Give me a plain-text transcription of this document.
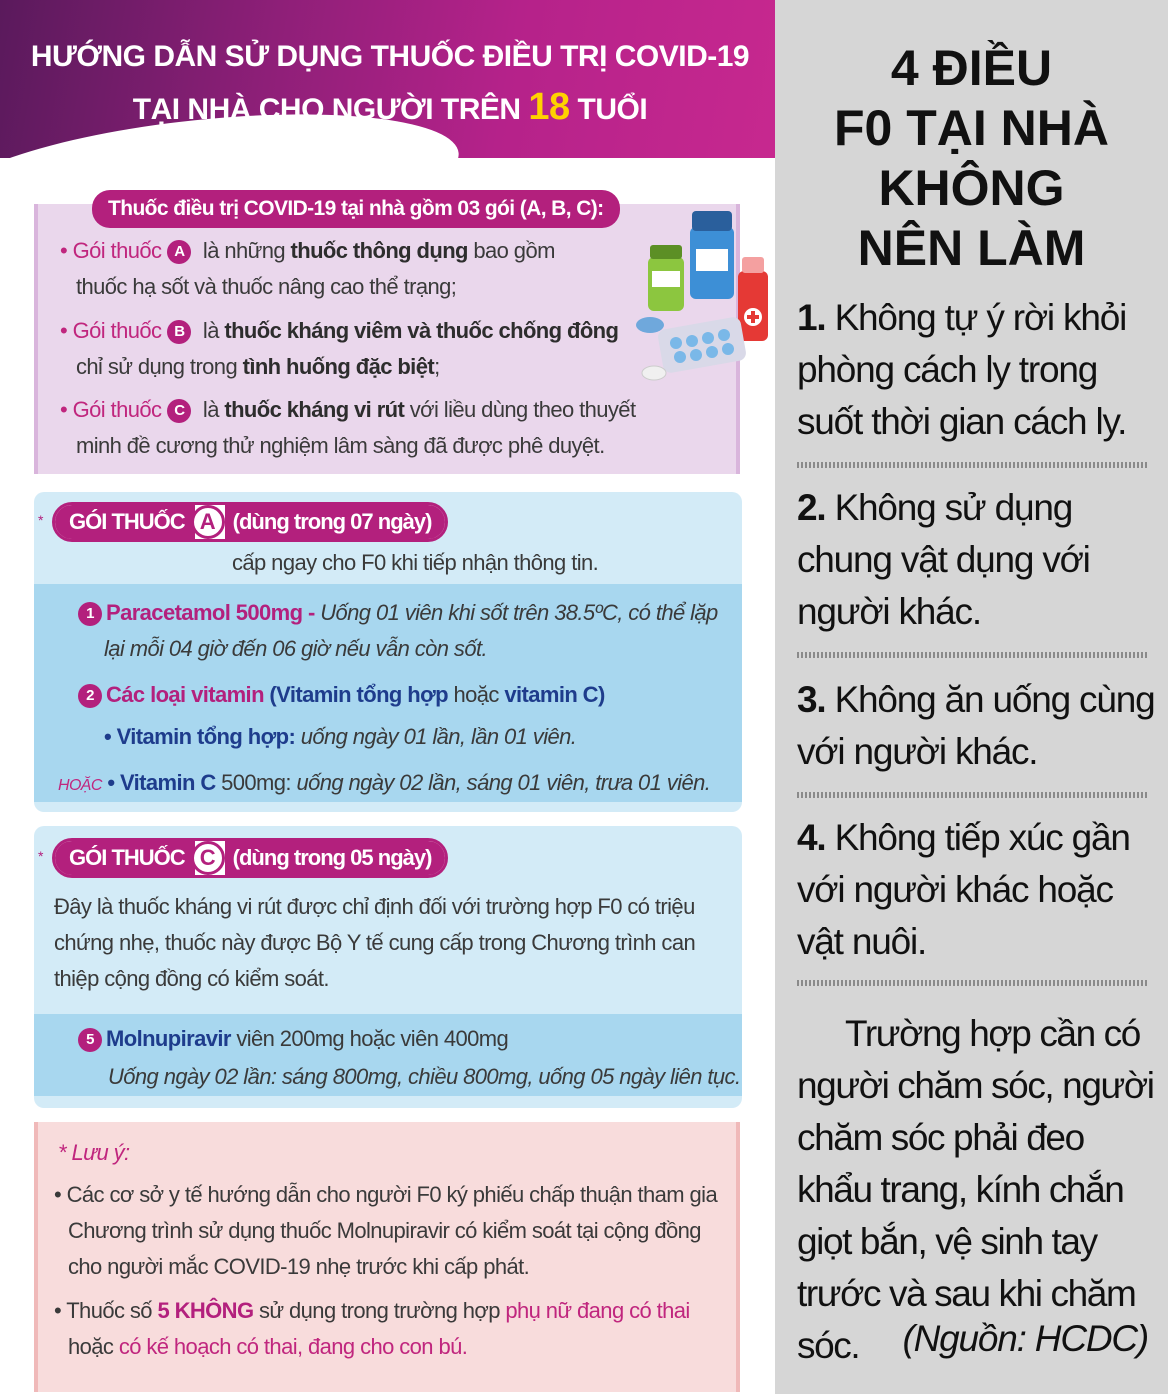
HƯỚNG DẪN SỬ DỤNG THUỐC ĐIỀU TRỊ COVID-19
TẠI NHÀ CHO NGƯỜI TRÊN 18 TUỔI
Thuốc điều trị COVID-19 tại nhà gồm 03 gói (A, B, C):
• Gói thuốc A là những thuốc thông dụng bao gồm
thuốc hạ sốt và thuốc nâng cao thể trạng;
• Gói thuốc B là thuốc kháng viêm và thuốc chống đông
chỉ sử dụng trong tình huống đặc biệt;
• Gói thuốc C là thuốc kháng vi rút với liều dùng theo thuyết
minh đề cương thử nghiệm lâm sàng đã được phê duyệt.
*	GÓI THUỐC A (dùng trong 07 ngày)
cấp ngay cho F0 khi tiếp nhận thông tin.
1 Paracetamol 500mg - Uống 01 viên khi sốt trên 38.5ºC, có thể lặp
lại mỗi 04 giờ đến 06 giờ nếu vẫn còn sốt.
2 Các loại vitamin (Vitamin tổng hợp hoặc vitamin C)
• Vitamin tổng hợp: uống ngày 01 lần, lần 01 viên.
HOẶC • Vitamin C 500mg: uống ngày 02 lần, sáng 01 viên, trưa 01 viên.
*	GÓI THUỐC C (dùng trong 05 ngày)
Đây là thuốc kháng vi rút được chỉ định đối với trường hợp F0 có triệu
chứng nhẹ, thuốc này được Bộ Y tế cung cấp trong Chương trình can
thiệp cộng đồng có kiểm soát.
5 Molnupiravir viên 200mg hoặc viên 400mg
Uống ngày 02 lần: sáng 800mg, chiều 800mg, uống 05 ngày liên tục.
* Lưu ý:
• Các cơ sở y tế hướng dẫn cho người F0 ký phiếu chấp thuận tham gia
Chương trình sử dụng thuốc Molnupiravir có kiểm soát tại cộng đồng
cho người mắc COVID-19 nhẹ trước khi cấp phát.
• Thuốc số 5 KHÔNG sử dụng trong trường hợp phụ nữ đang có thai
hoặc có kế hoạch có thai, đang cho con bú.
4 ĐIỀU
F0 TẠI NHÀ
KHÔNG
NÊN LÀM
1. Không tự ý rời khỏi phòng cách ly trong suốt thời gian cách ly.
2. Không sử dụng chung vật dụng với người khác.
3. Không ăn uống cùng với người khác.
4. Không tiếp xúc gần với người khác hoặc vật nuôi.
Trường hợp cần có người chăm sóc, người chăm sóc phải đeo khẩu trang, kính chắn giọt bắn, vệ sinh tay trước và sau khi chăm sóc.	(Nguồn: HCDC)
